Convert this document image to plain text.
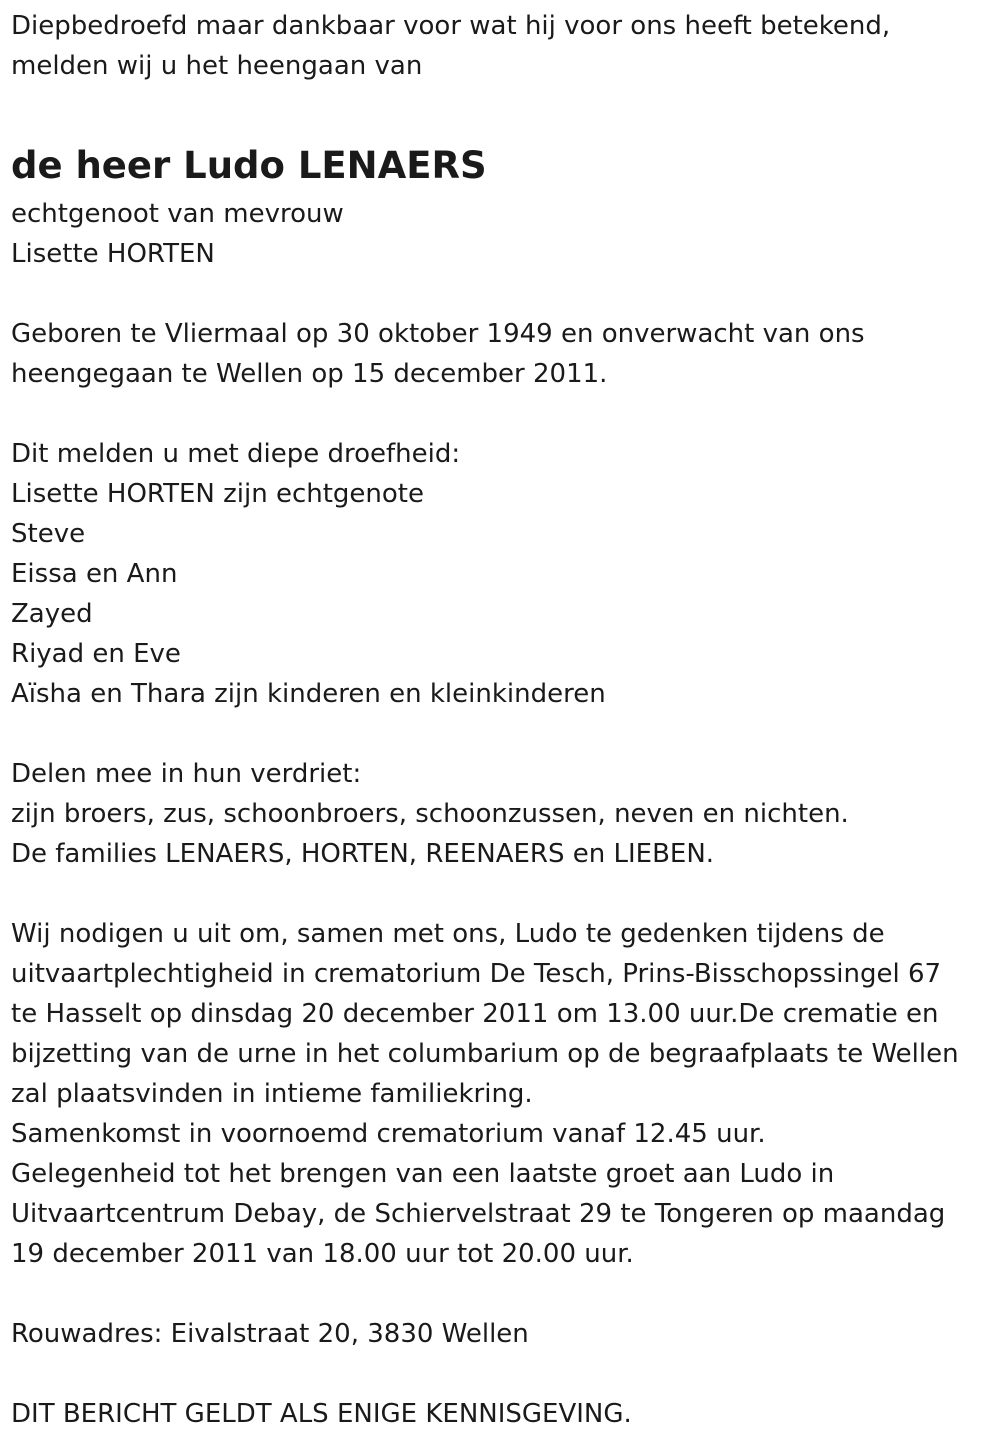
Diepbedroefd maar dankbaar voor wat hij voor ons heeft betekend,
melden wij u het heengaan van
de heer Ludo LENAERS
echtgenoot van mevrouw
Lisette HORTEN
Geboren te Vliermaal op 30 oktober 1949 en onverwacht van ons
heengegaan te Wellen op 15 december 2011.
Dit melden u met diepe droefheid:
Lisette HORTEN zijn echtgenote
Steve
Eissa en Ann
Zayed
Riyad en Eve
Aïsha en Thara zijn kinderen en kleinkinderen
Delen mee in hun verdriet:
zijn broers, zus, schoonbroers, schoonzussen, neven en nichten.
De families LENAERS, HORTEN, REENAERS en LIEBEN.
Wij nodigen u uit om, samen met ons, Ludo te gedenken tijdens de
uitvaartplechtigheid in crematorium De Tesch, Prins-Bisschopssingel 67
te Hasselt op dinsdag 20 december 2011 om 13.00 uur.De crematie en
bijzetting van de urne in het columbarium op de begraafplaats te Wellen
zal plaatsvinden in intieme familiekring.
Samenkomst in voornoemd crematorium vanaf 12.45 uur.
Gelegenheid tot het brengen van een laatste groet aan Ludo in
Uitvaartcentrum Debay, de Schiervelstraat 29 te Tongeren op maandag
19 december 2011 van 18.00 uur tot 20.00 uur.
Rouwadres: Eivalstraat 20, 3830 Wellen
DIT BERICHT GELDT ALS ENIGE KENNISGEVING.
